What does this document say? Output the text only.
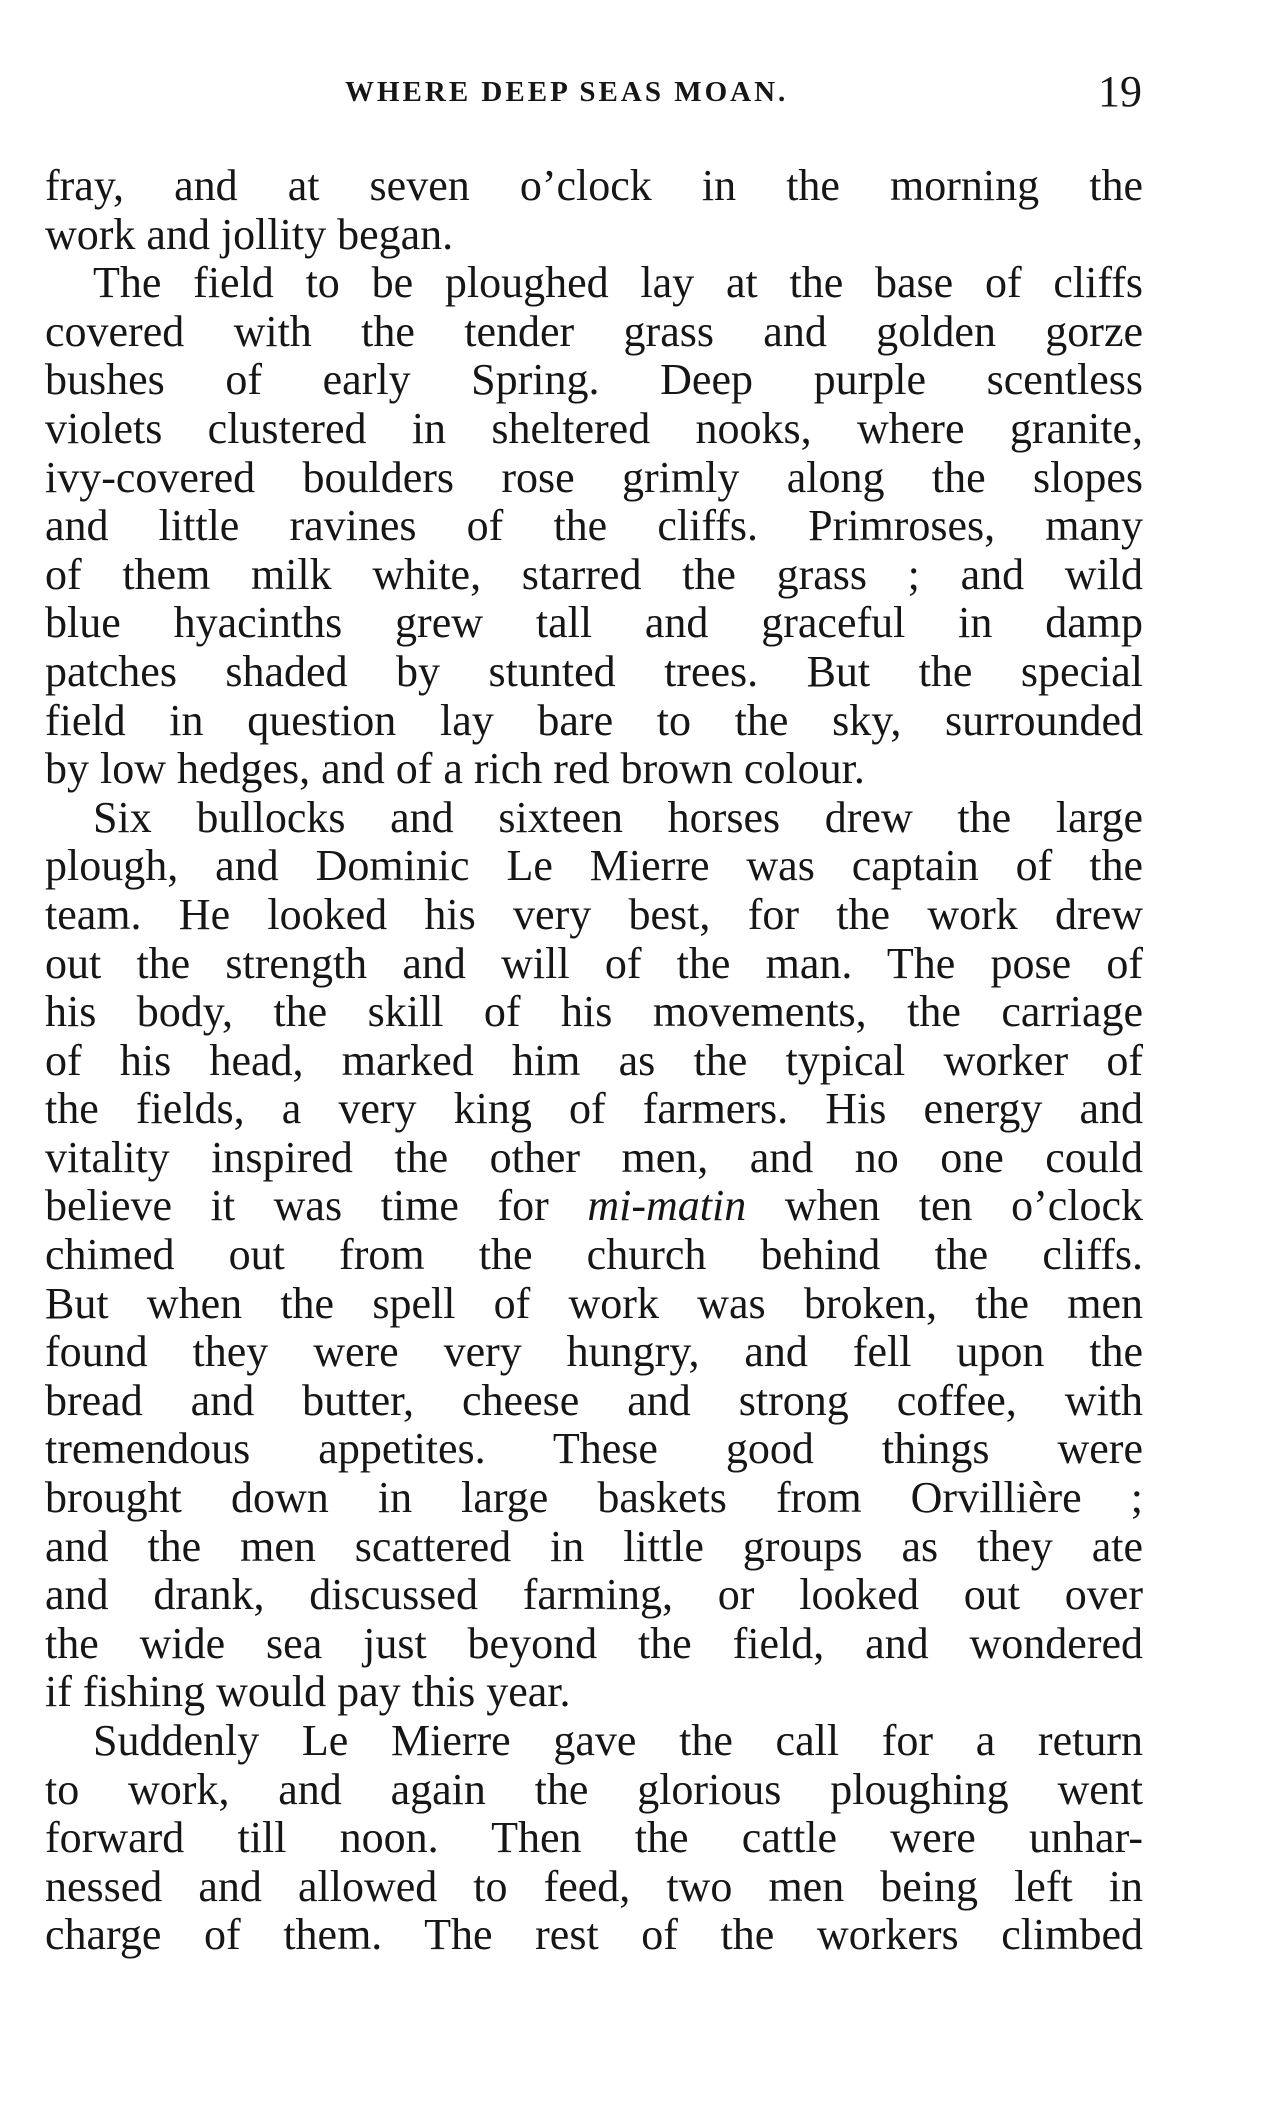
WHERE DEEP SEAS MOAN.	19
fray, and at seven o’clock in the morning the
work and jollity began.
The field to be ploughed lay at the base of cliffs
covered with the tender grass and golden gorze
bushes of early Spring. Deep purple scentless
violets clustered in sheltered nooks, where granite,
ivy-covered boulders rose grimly along the slopes
and little ravines of the cliffs. Primroses, many
of them milk white, starred the grass ; and wild
blue hyacinths grew tall and graceful in damp
patches shaded by stunted trees. But the special
field in question lay bare to the sky, surrounded
by low hedges, and of a rich red brown colour.
Six bullocks and sixteen horses drew the large
plough, and Dominic Le Mierre was captain of the
team. He looked his very best, for the work drew
out the strength and will of the man. The pose of
his body, the skill of his movements, the carriage
of his head, marked him as the typical worker of
the fields, a very king of farmers. His energy and
vitality inspired the other men, and no one could
believe it was time for mi-matin when ten o’clock
chimed out from the church behind the cliffs.
But when the spell of work was broken, the men
found they were very hungry, and fell upon the
bread and butter, cheese and strong coffee, with
tremendous appetites. These good things were
brought down in large baskets from Orvillière ;
and the men scattered in little groups as they ate
and drank, discussed farming, or looked out over
the wide sea just beyond the field, and wondered
if fishing would pay this year.
Suddenly Le Mierre gave the call for a return
to work, and again the glorious ploughing went
forward till noon. Then the cattle were unhar-
nessed and allowed to feed, two men being left in
charge of them. The rest of the workers climbed
